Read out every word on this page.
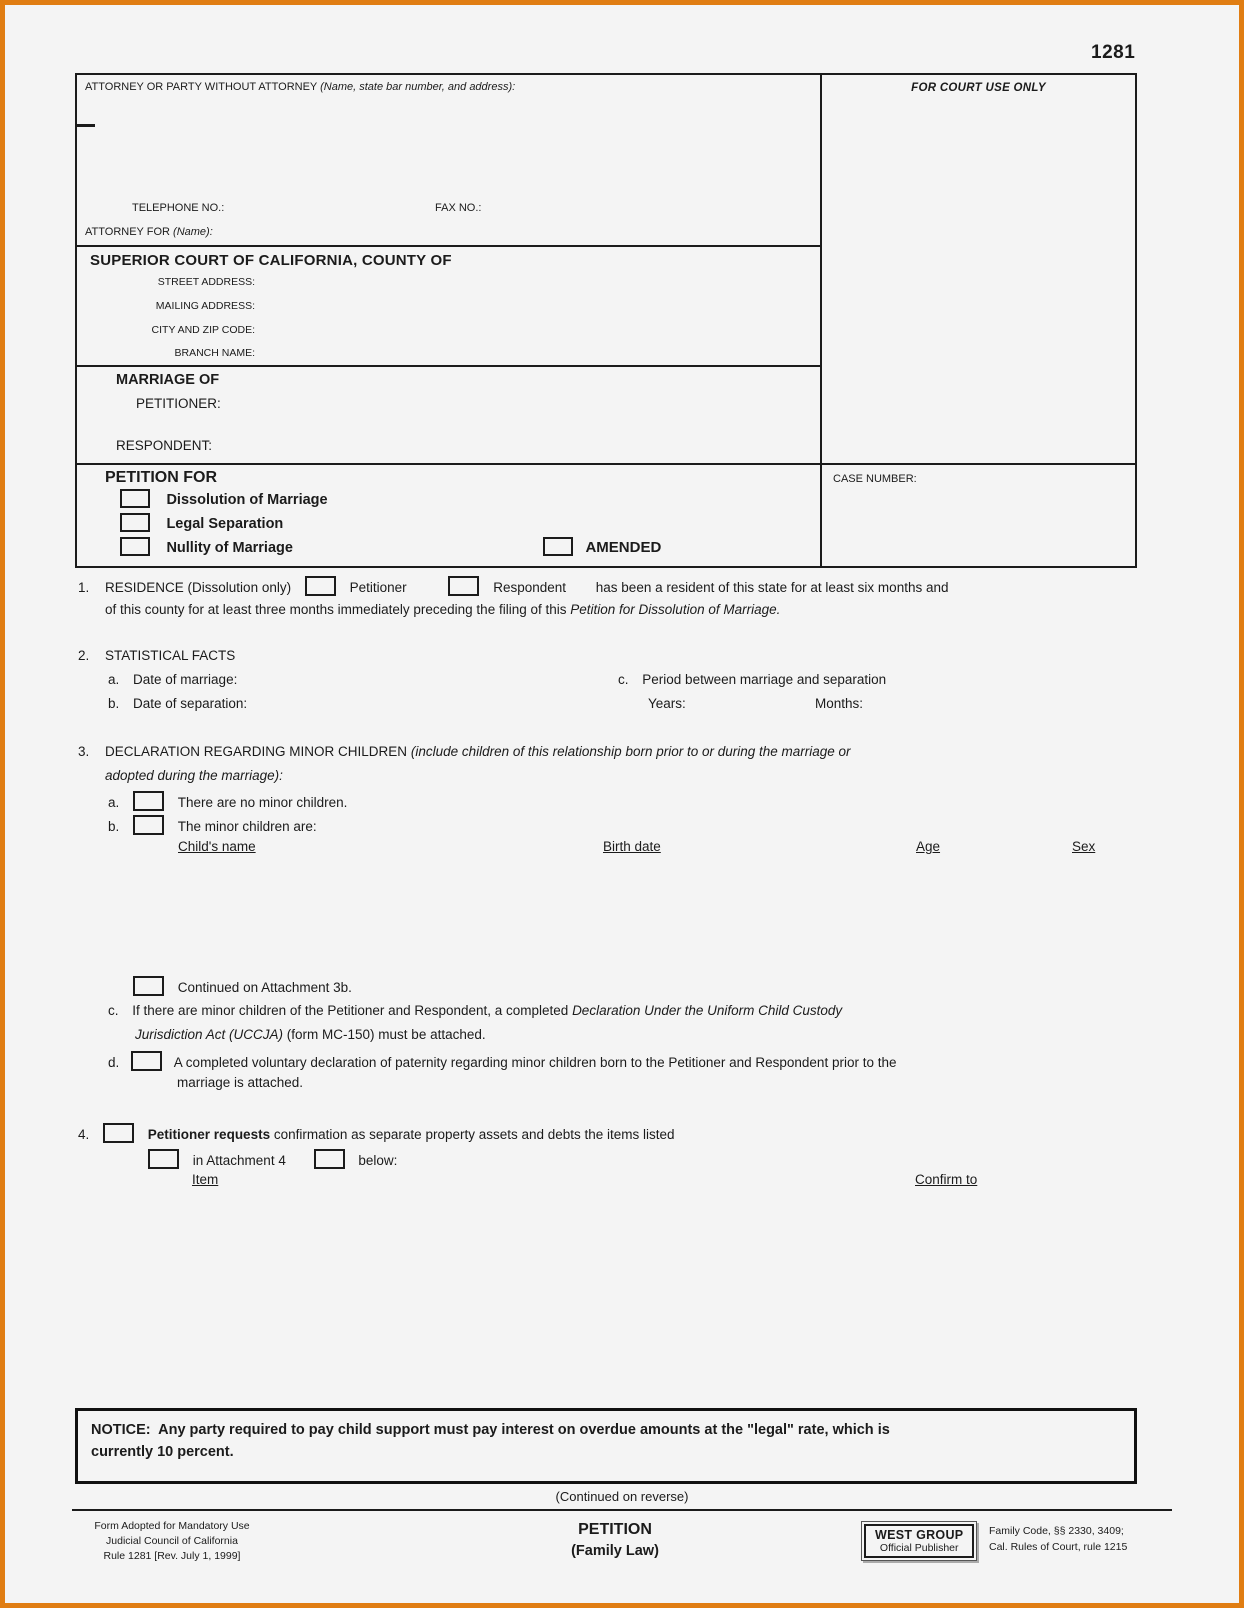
1281
ATTORNEY OR PARTY WITHOUT ATTORNEY (Name, state bar number, and address):
TELEPHONE NO.:	FAX NO.:
ATTORNEY FOR (Name):
SUPERIOR COURT OF CALIFORNIA, COUNTY OF
STREET ADDRESS:
MAILING ADDRESS:
CITY AND ZIP CODE:
BRANCH NAME:
MARRIAGE OF
PETITIONER:
RESPONDENT:
PETITION FOR
Dissolution of Marriage
Legal Separation
Nullity of Marriage	AMENDED
FOR COURT USE ONLY
CASE NUMBER:
1. RESIDENCE (Dissolution only)	Petitioner	Respondent has been a resident of this state for at least six months and
of this county for at least three months immediately preceding the filing of this Petition for Dissolution of Marriage.
2. STATISTICAL FACTS
a. Date of marriage:	c. Period between marriage and separation
b. Date of separation:	Years:	Months:
3. DECLARATION REGARDING MINOR CHILDREN (include children of this relationship born prior to or during the marriage or
adopted during the marriage):
a.	There are no minor children.
b.	The minor children are:
Child's name	Birth date	Age	Sex
Continued on Attachment 3b.
c. If there are minor children of the Petitioner and Respondent, a completed Declaration Under the Uniform Child Custody
Jurisdiction Act (UCCJA) (form MC-150) must be attached.
d.	A completed voluntary declaration of paternity regarding minor children born to the Petitioner and Respondent prior to the
marriage is attached.
4.	Petitioner requests confirmation as separate property assets and debts the items listed
in Attachment 4	below:
Item	Confirm to
NOTICE: Any party required to pay child support must pay interest on overdue amounts at the "legal" rate, which is
currently 10 percent.
(Continued on reverse)
Form Adopted for Mandatory Use
Judicial Council of California
Rule 1281 [Rev. July 1, 1999]
PETITION
(Family Law)
WEST GROUP
Official Publisher
Family Code, §§ 2330, 3409;
Cal. Rules of Court, rule 1215
